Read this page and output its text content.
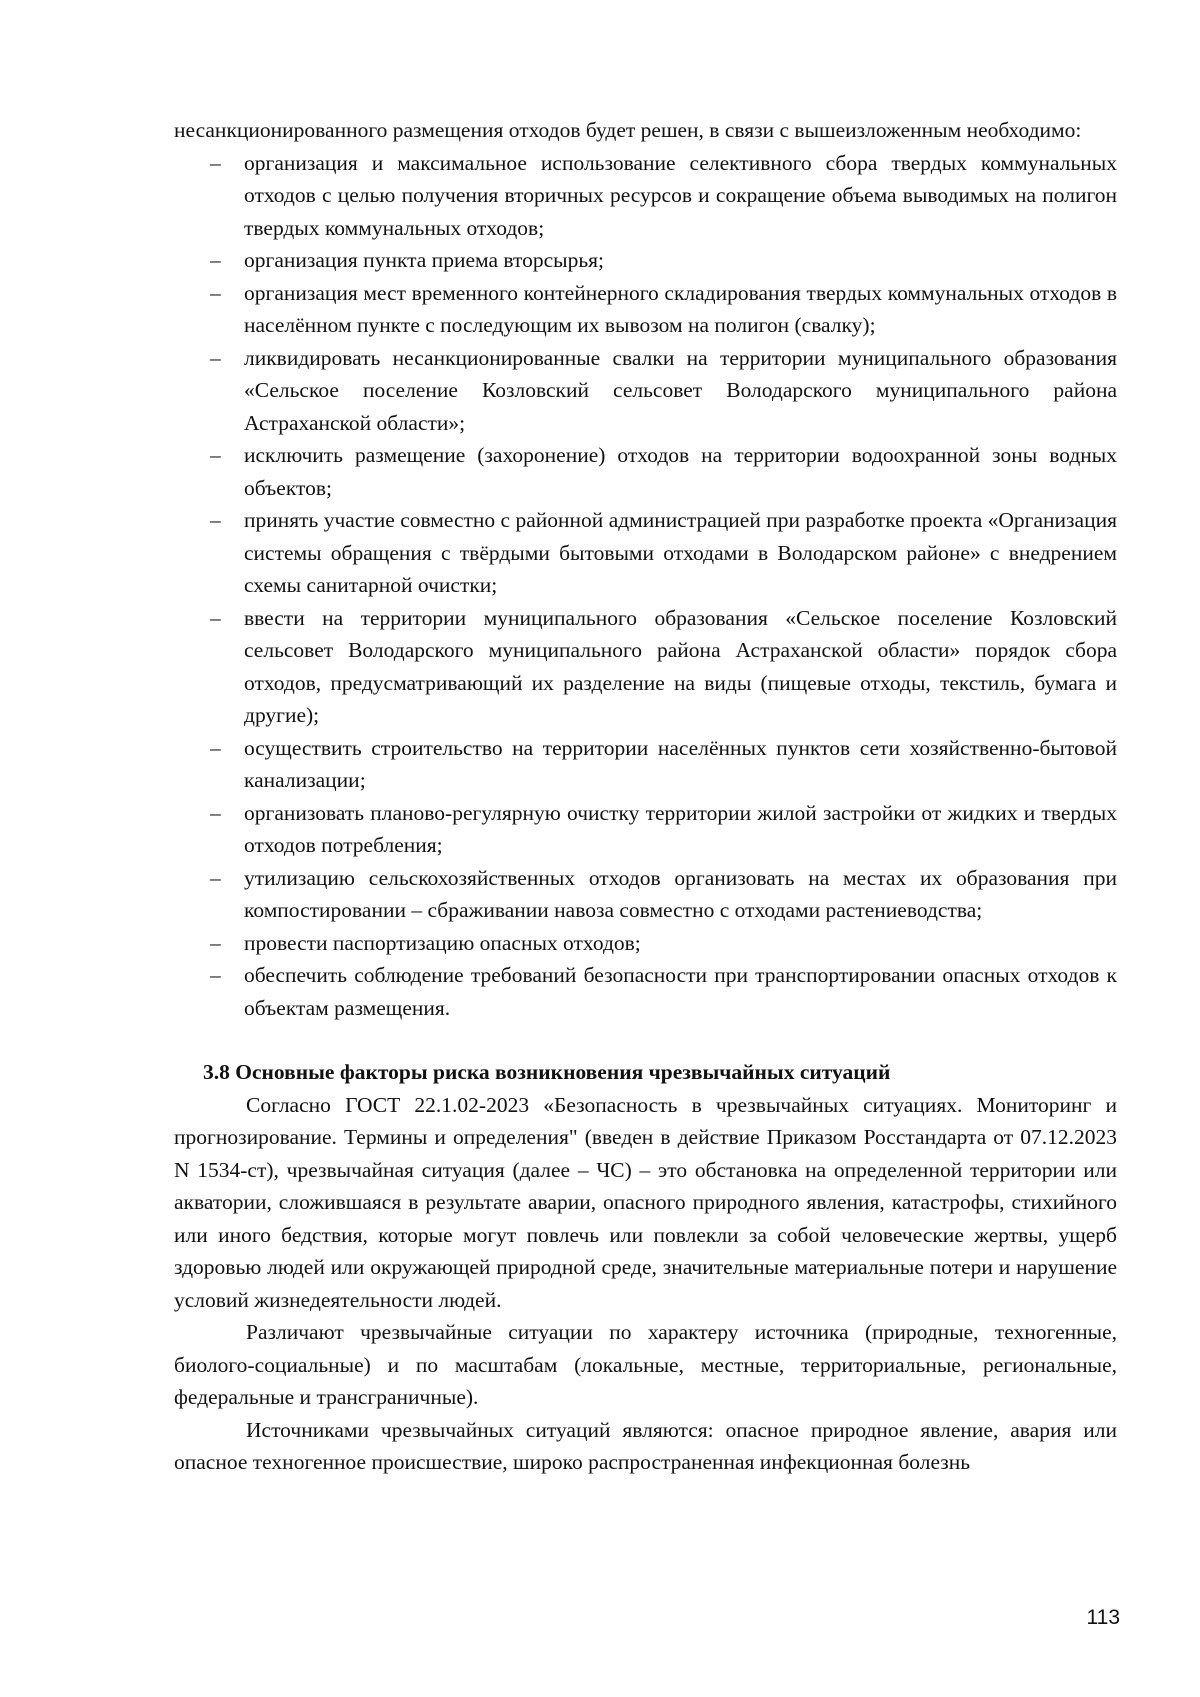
несанкционированного размещения отходов будет решен, в связи с вышеизложенным необходимо:

– организация и максимальное использование селективного сбора твердых коммунальных отходов с целью получения вторичных ресурсов и сокращение объема выводимых на полигон твердых коммунальных отходов;
– организация пункта приема вторсырья;
– организация мест временного контейнерного складирования твердых коммунальных отходов в населённом пункте с последующим их вывозом на полигон (свалку);
– ликвидировать несанкционированные свалки на территории муниципального образования «Сельское поселение Козловский сельсовет Володарского муниципального района Астраханской области»;
– исключить размещение (захоронение) отходов на территории водоохранной зоны водных объектов;
– принять участие совместно с районной администрацией при разработке проекта «Организация системы обращения с твёрдыми бытовыми отходами в Володарском районе» с внедрением схемы санитарной очистки;
– ввести на территории муниципального образования «Сельское поселение Козловский сельсовет Володарского муниципального района Астраханской области» порядок сбора отходов, предусматривающий их разделение на виды (пищевые отходы, текстиль, бумага и другие);
– осуществить строительство на территории населённых пунктов сети хозяйственно-бытовой канализации;
– организовать планово-регулярную очистку территории жилой застройки от жидких и твердых отходов потребления;
– утилизацию сельскохозяйственных отходов организовать на местах их образования при компостировании – сбраживании навоза совместно с отходами растениеводства;
– провести паспортизацию опасных отходов;
– обеспечить соблюдение требований безопасности при транспортировании опасных отходов к объектам размещения.
3.8 Основные факторы риска возникновения чрезвычайных ситуаций

Согласно ГОСТ 22.1.02-2023 «Безопасность в чрезвычайных ситуациях. Мониторинг и прогнозирование. Термины и определения" (введен в действие Приказом Росстандарта от 07.12.2023 N 1534-ст), чрезвычайная ситуация (далее – ЧС) – это обстановка на определенной территории или акватории, сложившаяся в результате аварии, опасного природного явления, катастрофы, стихийного или иного бедствия, которые могут повлечь или повлекли за собой человеческие жертвы, ущерб здоровью людей или окружающей природной среде, значительные материальные потери и нарушение условий жизнедеятельности людей.

Различают чрезвычайные ситуации по характеру источника (природные, техногенные, биолого-социальные) и по масштабам (локальные, местные, территориальные, региональные, федеральные и трансграничные).

Источниками чрезвычайных ситуаций являются: опасное природное явление, авария или опасное техногенное происшествие, широко распространенная инфекционная болезнь

113
